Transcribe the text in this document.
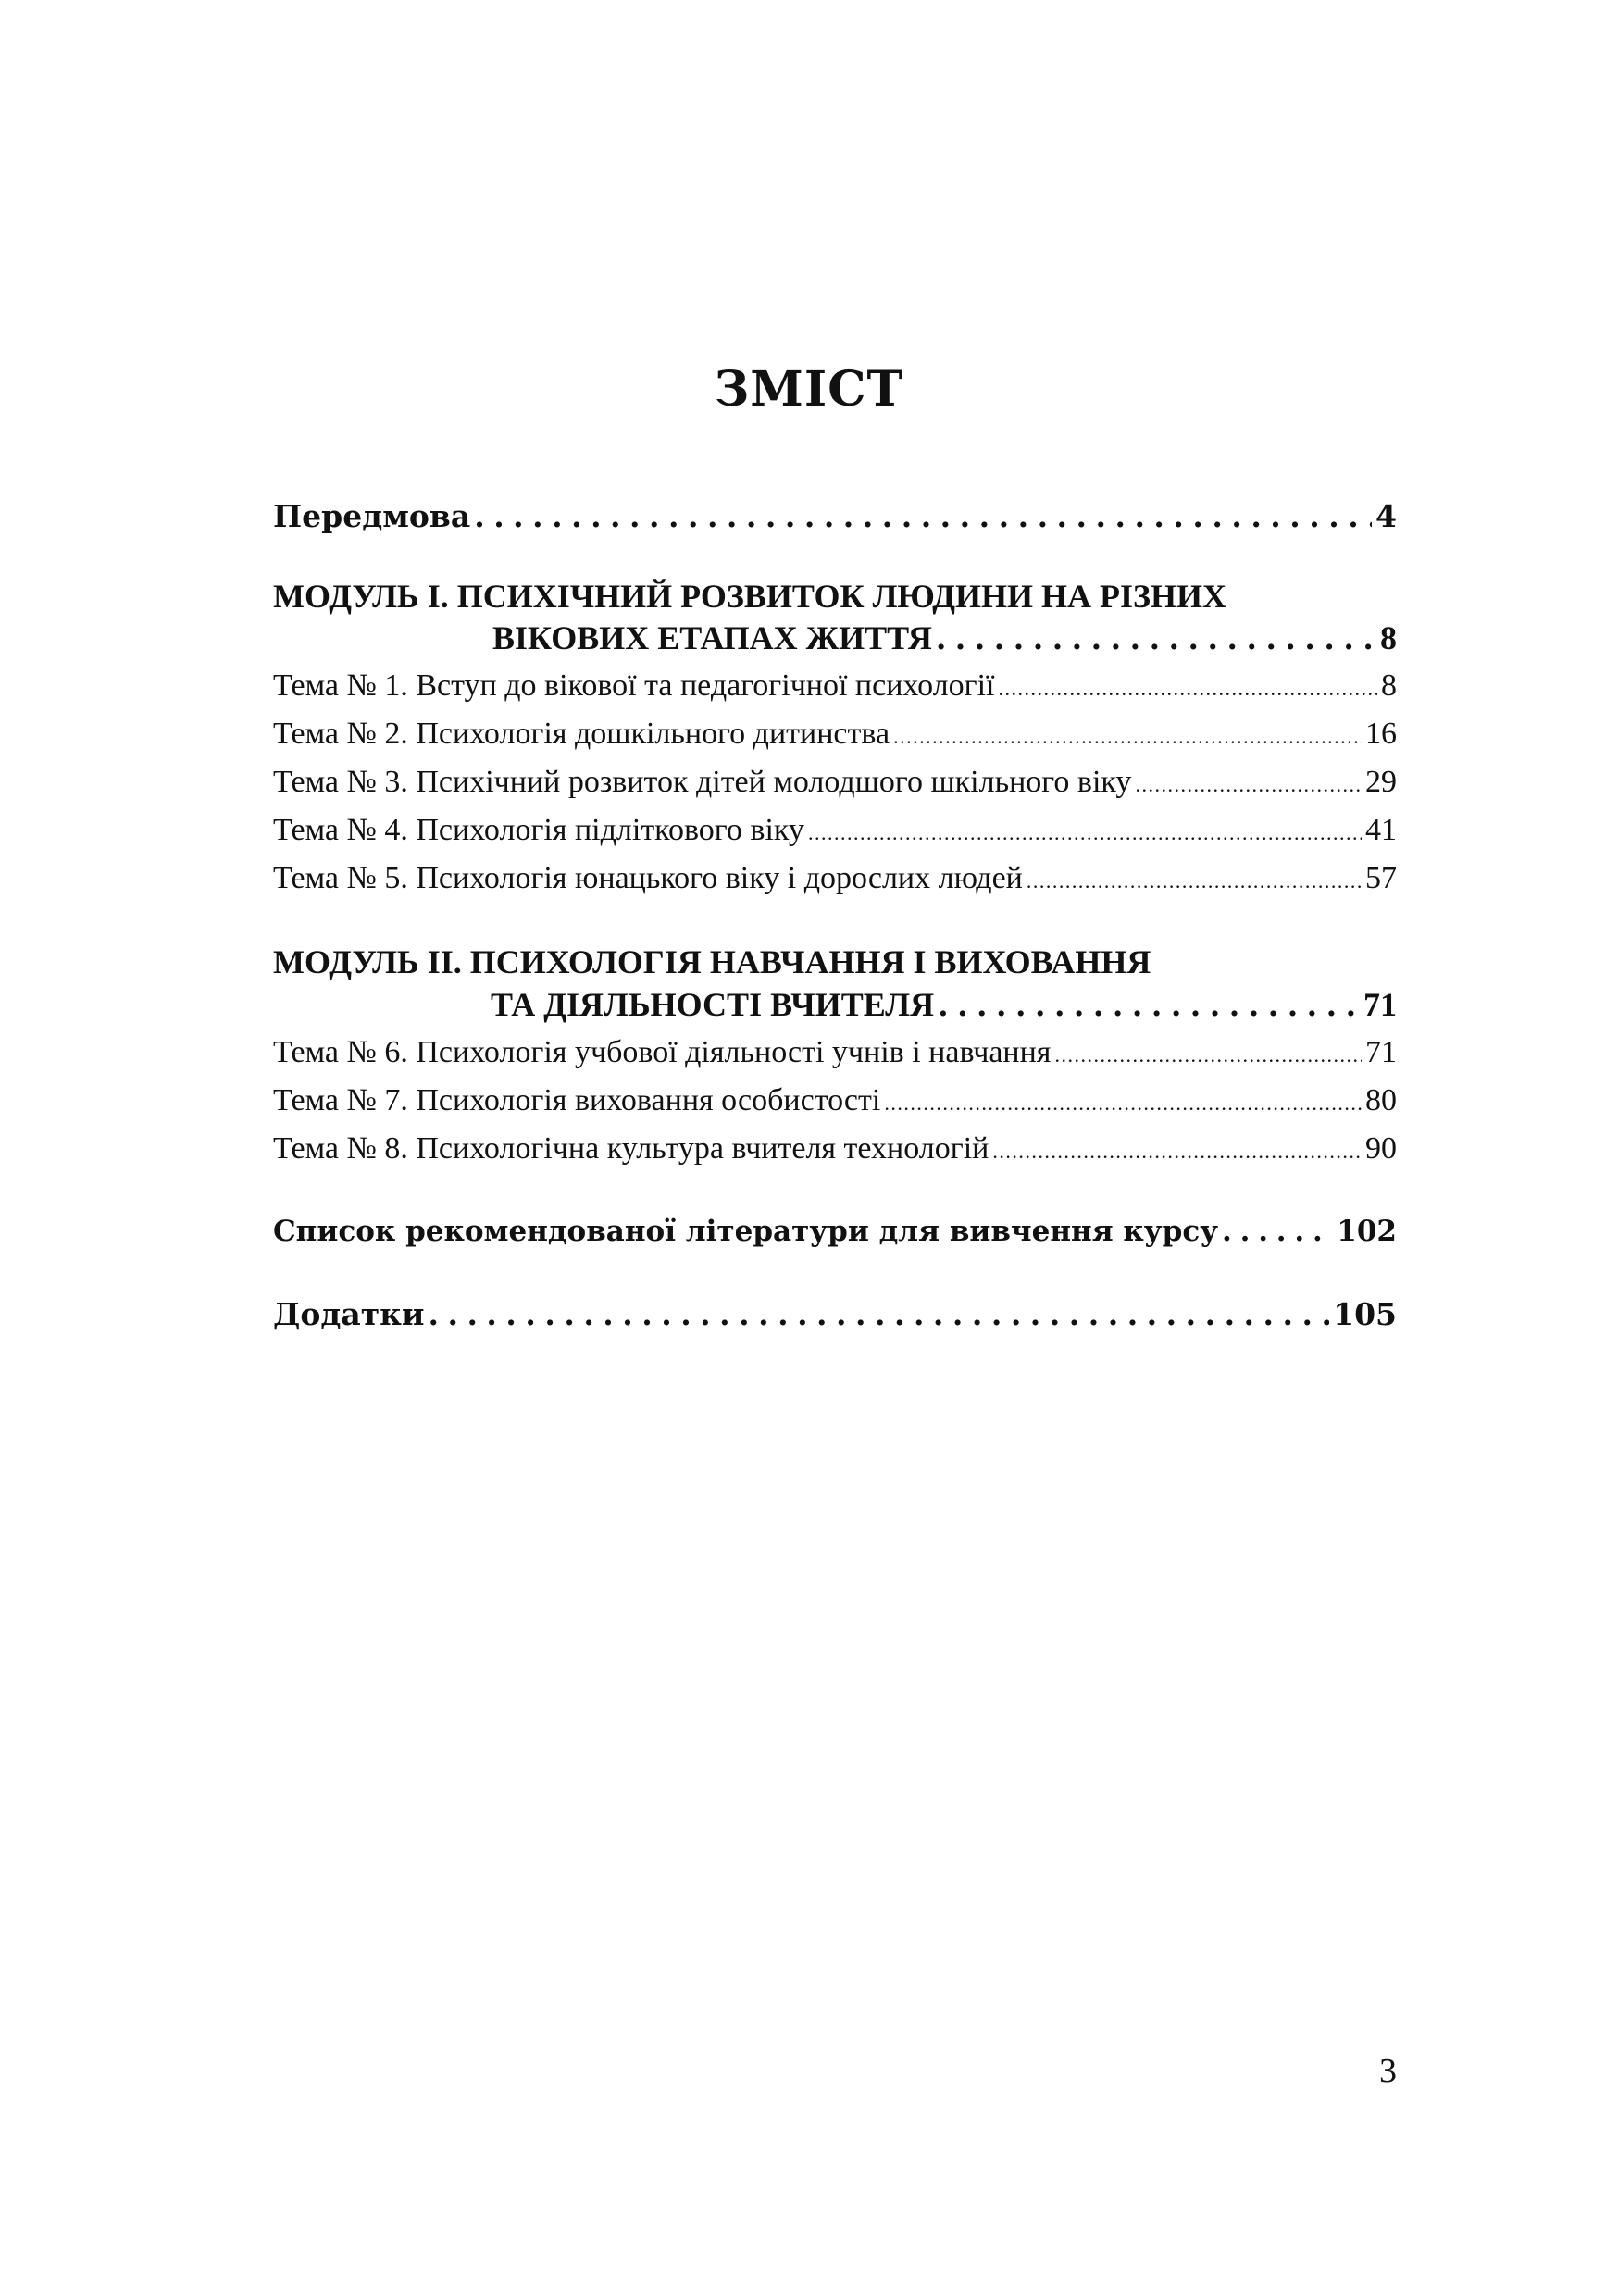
ЗМІСТ
Передмова . . .	4
МОДУЛЬ І. ПСИХІЧНИЙ РОЗВИТОК ЛЮДИНИ НА РІЗНИХ
ВІКОВИХ ЕТАПАХ ЖИТТЯ . . .	8
Тема № 1. Вступ до вікової та педагогічної психології . . .	8
Тема № 2. Психологія дошкільного дитинства . . .	16
Тема № 3. Психічний розвиток дітей молодшого шкільного віку . . .	29
Тема № 4. Психологія підліткового віку . . .	41
Тема № 5. Психологія юнацького віку і дорослих людей . . .	57
МОДУЛЬ ІІ. ПСИХОЛОГІЯ НАВЧАННЯ І ВИХОВАННЯ
ТА ДІЯЛЬНОСТІ ВЧИТЕЛЯ . . .	71
Тема № 6. Психологія учбової діяльності учнів і навчання . . .	71
Тема № 7. Психологія виховання особистості . . .	80
Тема № 8. Психологічна культура вчителя технологій . . .	90
Список рекомендованої літератури для вивчення курсу . . .	102
Додатки . . .	105
3
